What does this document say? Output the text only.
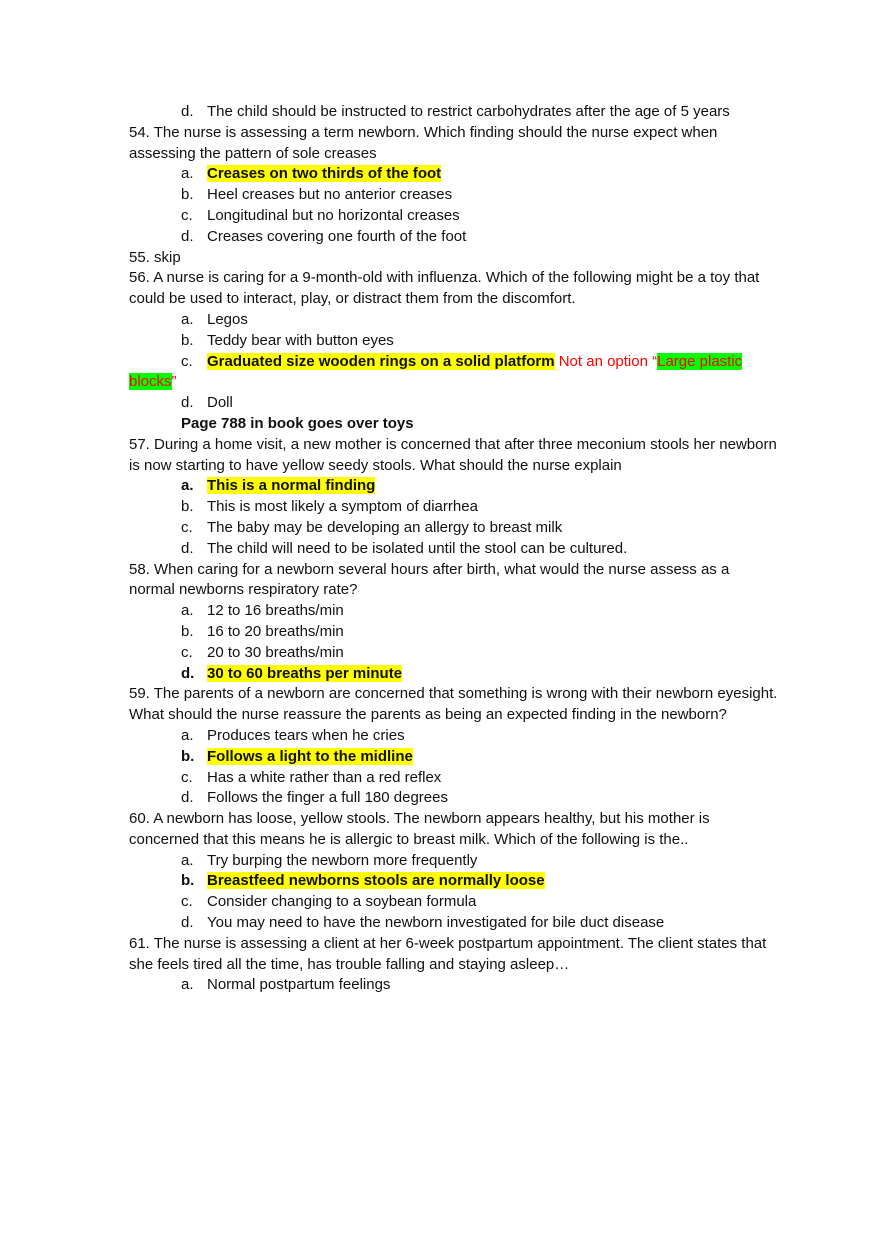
d. The child should be instructed to restrict carbohydrates after the age of 5 years

54. The nurse is assessing a term newborn. Which finding should the nurse expect when assessing the pattern of sole creases

a. Creases on two thirds of the foot

b. Heel creases but no anterior creases

c. Longitudinal but no horizontal creases

d. Creases covering one fourth of the foot

55. skip

56. A nurse is caring for a 9-month-old with influenza. Which of the following might be a toy that could be used to interact, play, or distract them from the discomfort.

a. Legos

b. Teddy bear with button eyes

c. Graduated size wooden rings on a solid platform Not an option “Large plastic blocks”

d. Doll

Page 788 in book goes over toys

57. During a home visit, a new mother is concerned that after three meconium stools her newborn is now starting to have yellow seedy stools. What should the nurse explain

a. This is a normal finding

b. This is most likely a symptom of diarrhea

c. The baby may be developing an allergy to breast milk

d. The child will need to be isolated until the stool can be cultured.

58. When caring for a newborn several hours after birth, what would the nurse assess as a normal newborns respiratory rate?

a. 12 to 16 breaths/min

b. 16 to 20 breaths/min

c. 20 to 30 breaths/min

d. 30 to 60 breaths per minute

59. The parents of a newborn are concerned that something is wrong with their newborn eyesight. What should the nurse reassure the parents as being an expected finding in the newborn?

a. Produces tears when he cries

b. Follows a light to the midline

c. Has a white rather than a red reflex

d. Follows the finger a full 180 degrees

60. A newborn has loose, yellow stools. The newborn appears healthy, but his mother is concerned that this means he is allergic to breast milk. Which of the following is the..

a. Try burping the newborn more frequently

b. Breastfeed newborns stools are normally loose

c. Consider changing to a soybean formula

d. You may need to have the newborn investigated for bile duct disease

61. The nurse is assessing a client at her 6-week postpartum appointment. The client states that she feels tired all the time, has trouble falling and staying asleep…

a. Normal postpartum feelings
